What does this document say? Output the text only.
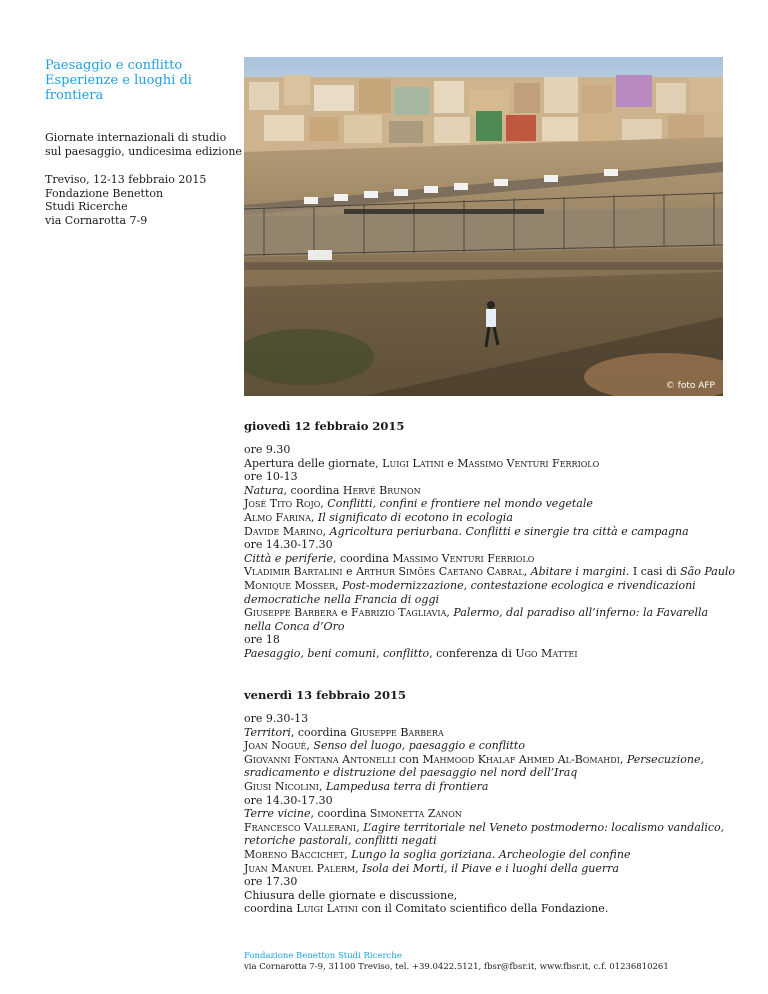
Paesaggio e conflitto

Esperienze e luoghi di frontiera

Giornate internazionali di studio

sul paesaggio, undicesima edizione

Treviso, 12-13 febbraio 2015

Fondazione Benetton

Studi Ricerche

via Cornarotta 7-9

© foto AFP

giovedì 12 febbraio 2015

ore 9.30

Apertura delle giornate, Luigi Latini e Massimo Venturi Ferriolo

ore 10-13

Natura, coordina Hervé Brunon

José Tito Rojo, Conflitti, confini e frontiere nel mondo vegetale

Almo Farina, Il significato di ecotono in ecologia

Davide Marino, Agricoltura periurbana. Conflitti e sinergie tra città e campagna

ore 14.30-17.30

Città e periferie, coordina Massimo Venturi Ferriolo

Vladimir Bartalini e Arthur Simões Caetano Cabral, Abitare i margini. I casi di São Paulo

Monique Mosser, Post-modernizzazione, contestazione ecologica e rivendicazioni democratiche nella Francia di oggi

Giuseppe Barbera e Fabrizio Tagliavia, Palermo, dal paradiso all’inferno: la Favarella nella Conca d’Oro

ore 18

Paesaggio, beni comuni, conflitto, conferenza di Ugo Mattei

venerdì 13 febbraio 2015

ore 9.30-13

Territori, coordina Giuseppe Barbera

Joan Nogué, Senso del luogo, paesaggio e conflitto

Giovanni Fontana Antonelli con Mahmood Khalaf Ahmed Al-Bomahdi, Persecuzione, sradicamento e distruzione del paesaggio nel nord dell’Iraq

Giusi Nicolini, Lampedusa terra di frontiera

ore 14.30-17.30

Terre vicine, coordina Simonetta Zanon

Francesco Vallerani, L’agire territoriale nel Veneto postmoderno: localismo vandalico, retoriche pastorali, conflitti negati

Moreno Baccichet, Lungo la soglia goriziana. Archeologie del confine

Juan Manuel Palerm, Isola dei Morti, il Piave e i luoghi della guerra

ore 17.30

Chiusura delle giornate e discussione,

coordina Luigi Latini con il Comitato scientifico della Fondazione.

Fondazione Benetton Studi Ricerche
via Cornarotta 7-9, 31100 Treviso, tel. +39.0422.5121, fbsr@fbsr.it, www.fbsr.it, c.f. 01236810261
